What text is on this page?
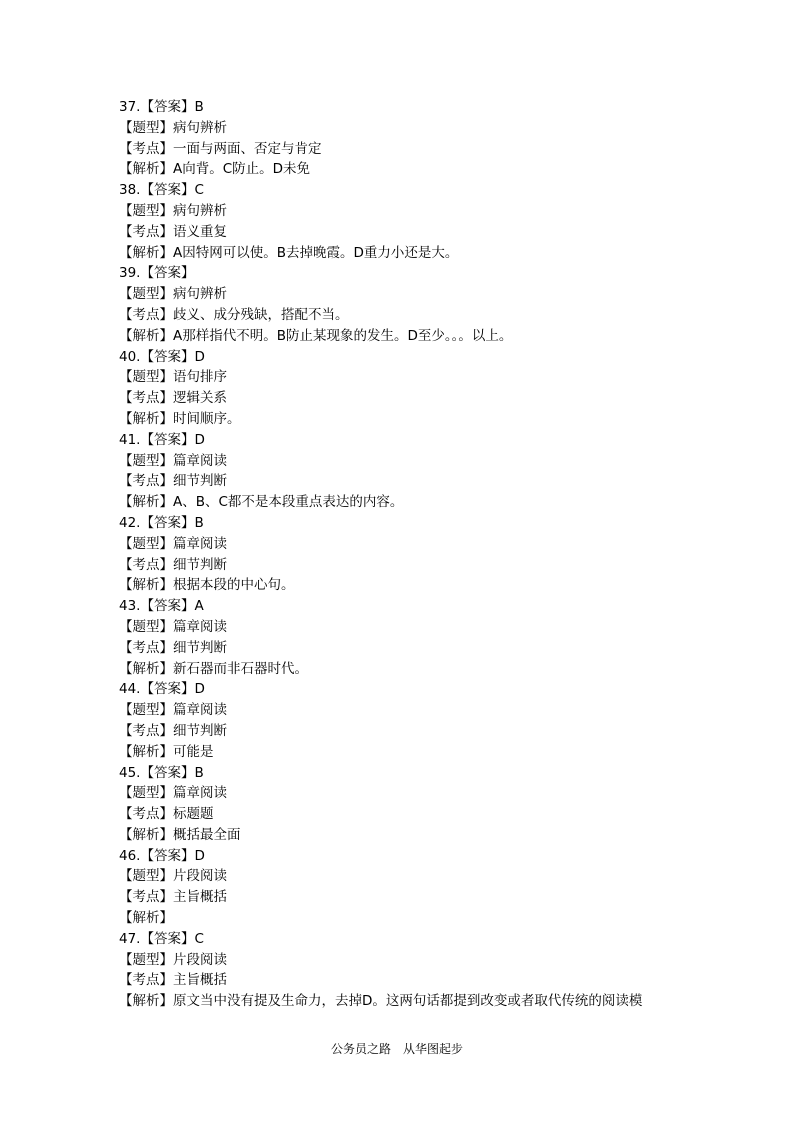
37.【答案】B
【题型】病句辨析
【考点】一面与两面、否定与肯定
【解析】A向背。C防止。D未免
38.【答案】C
【题型】病句辨析
【考点】语义重复
【解析】A因特网可以使。B去掉晚霞。D重力小还是大。
39.【答案】
【题型】病句辨析
【考点】歧义、成分残缺，搭配不当。
【解析】A那样指代不明。B防止某现象的发生。D至少。。。以上。
40.【答案】D
【题型】语句排序
【考点】逻辑关系
【解析】时间顺序。
41.【答案】D
【题型】篇章阅读
【考点】细节判断
【解析】A、B、C都不是本段重点表达的内容。
42.【答案】B
【题型】篇章阅读
【考点】细节判断
【解析】根据本段的中心句。
43.【答案】A
【题型】篇章阅读
【考点】细节判断
【解析】新石器而非石器时代。
44.【答案】D
【题型】篇章阅读
【考点】细节判断
【解析】可能是
45.【答案】B
【题型】篇章阅读
【考点】标题题
【解析】概括最全面
46.【答案】D
【题型】片段阅读
【考点】主旨概括
【解析】
47.【答案】C
【题型】片段阅读
【考点】主旨概括
【解析】原文当中没有提及生命力，去掉D。这两句话都提到改变或者取代传统的阅读模
公务员之路　从华图起步
